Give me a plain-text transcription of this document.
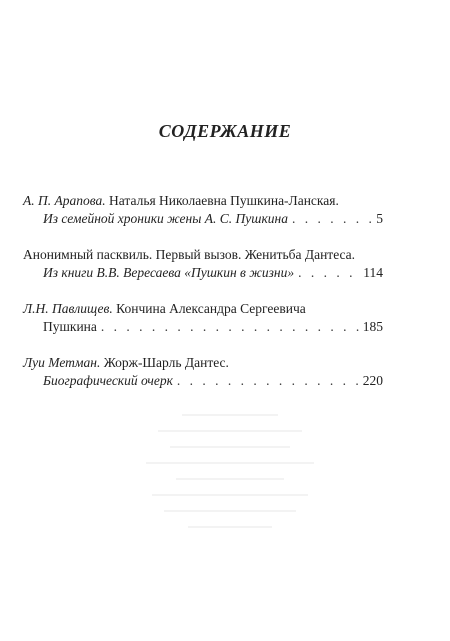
СОДЕРЖАНИЕ
А. П. Арапова. Наталья Николаевна Пушкина-Ланская.
Из семейной хроники жены А. С. Пушкина . . .	5
Анонимный пасквиль. Первый вызов. Женитьба Дантеса.
Из книги В.В. Вересаева «Пушкин в жизни» . . .	114
Л.Н. Павлищев. Кончина Александра Сергеевича
Пушкина . . .	185
Луи Метман. Жорж-Шарль Дантес.
Биографический очерк . . .	220
